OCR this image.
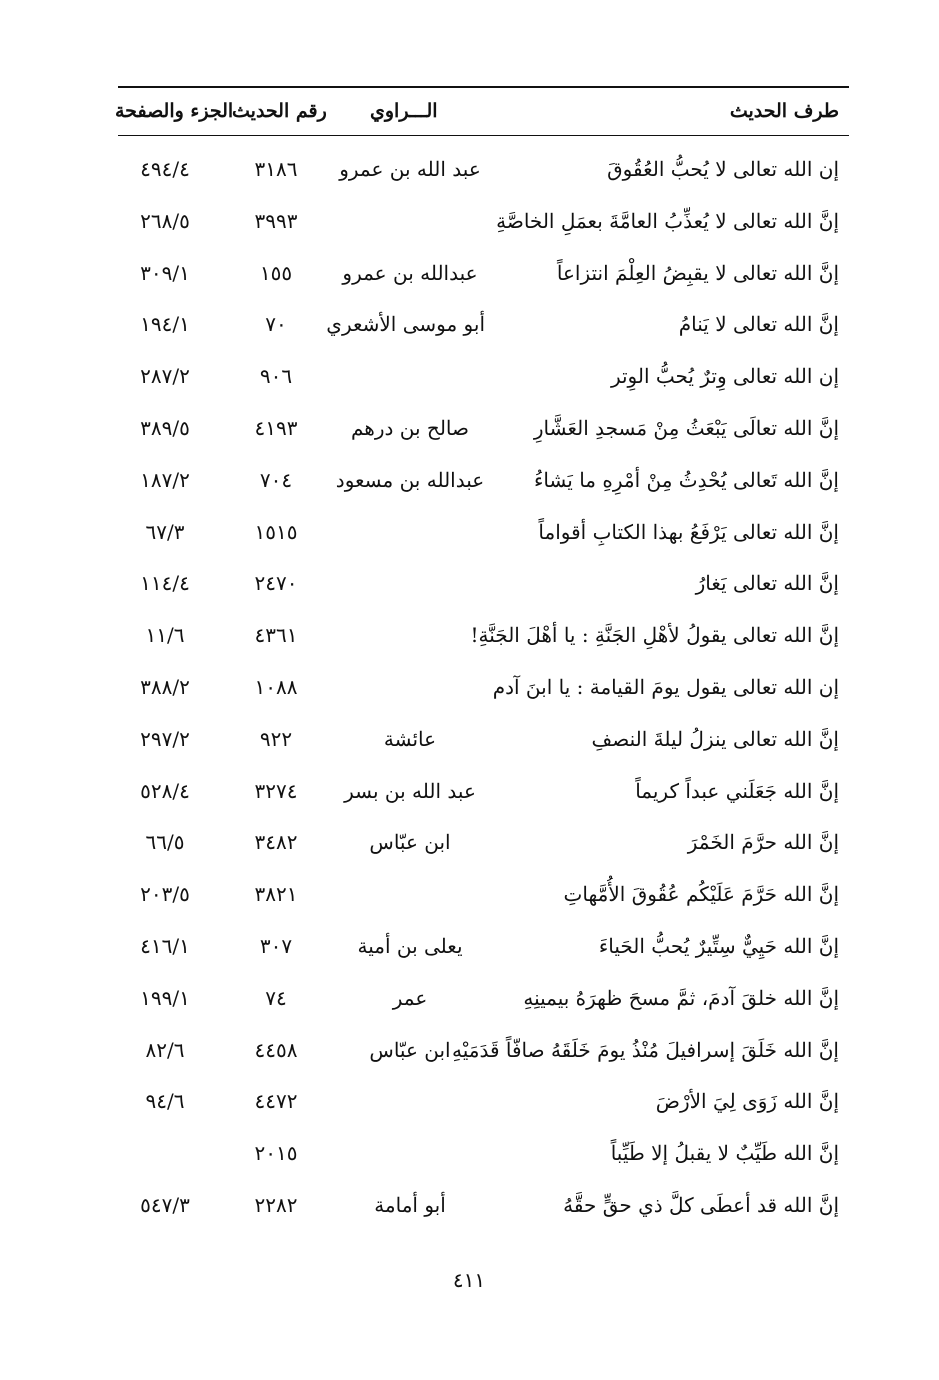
طرف الحديث
الـــراوي
رقم الحديث
الجزء والصفحة
إن الله تعالى لا يُحبُّ العُقُوقَ
عبد الله بن عمرو
٣١٨٦
٤٩٤/٤
إنَّ الله تعالى لا يُعذِّبُ العامَّةَ بعمَلِ الخاصَّةِ
٣٩٩٣
٢٦٨/٥
إنَّ الله تعالى لا يقبِضُ العِلْمَ انتزاعاً
عبدالله بن عمرو
١٥٥
٣٠٩/١
إنَّ الله تعالى لا يَنامُ
أبو موسى الأشعري
٧٠
١٩٤/١
إن الله تعالى وِترٌ يُحبُّ الوِتر
٩٠٦
٢٨٧/٢
إنَّ الله تعالَى يَبْعَثُ مِنْ مَسجدِ العَشَّارِ
صالح بن درهم
٤١٩٣
٣٨٩/٥
إنَّ الله تَعالى يُحْدِثُ مِنْ أمْرِهِ ما يَشاءُ
عبدالله بن مسعود
٧٠٤
١٨٧/٢
إنَّ الله تعالى يَرْفَعُ بهذا الكتابِ أقواماً
١٥١٥
٦٧/٣
إنَّ الله تعالى يَغارُ
٢٤٧٠
١١٤/٤
إنَّ الله تعالى يقولُ لأهْلِ الجَنَّةِ : يا أهْلَ الجَنَّةِ!
٤٣٦١
١١/٦
إن الله تعالى يقول يومَ القيامة : يا ابنَ آدم
١٠٨٨
٣٨٨/٢
إنَّ الله تعالى ينزلُ ليلةَ النصفِ
عائشة
٩٢٢
٢٩٧/٢
إنَّ الله جَعَلَني عبداً كريماً
عبد الله بن بسر
٣٢٧٤
٥٢٨/٤
إنَّ الله حرَّمَ الخَمْرَ
ابن عبّاس
٣٤٨٢
٦٦/٥
إنَّ الله حَرَّمَ عَلَيْكُم عُقُوقَ الأُمَّهاتِ
٣٨٢١
٢٠٣/٥
إنَّ الله حَيِيٌّ سِتِّيرٌ يُحبُّ الحَياءَ
يعلى بن أمية
٣٠٧
٤١٦/١
إنَّ الله خلقَ آدمَ، ثمَّ مسحَ ظهرَهُ بيمينِهِ
عمر
٧٤
١٩٩/١
إنَّ الله خَلَقَ إسرافيلَ مُنْذُ يومَ خَلَقَهُ صافّاً قَدَمَيْهِ
ابن عبّاس
٤٤٥٨
٨٢/٦
إنَّ الله زَوَى لِيَ الأرْضَ
٤٤٧٢
٩٤/٦
إنَّ الله طَيِّبٌ لا يقبلُ إلا طَيِّباً
٢٠١٥
إنَّ الله قد أعطَى كلَّ ذي حقٍّ حقَّهُ
أبو أمامة
٢٢٨٢
٥٤٧/٣
٤١١
